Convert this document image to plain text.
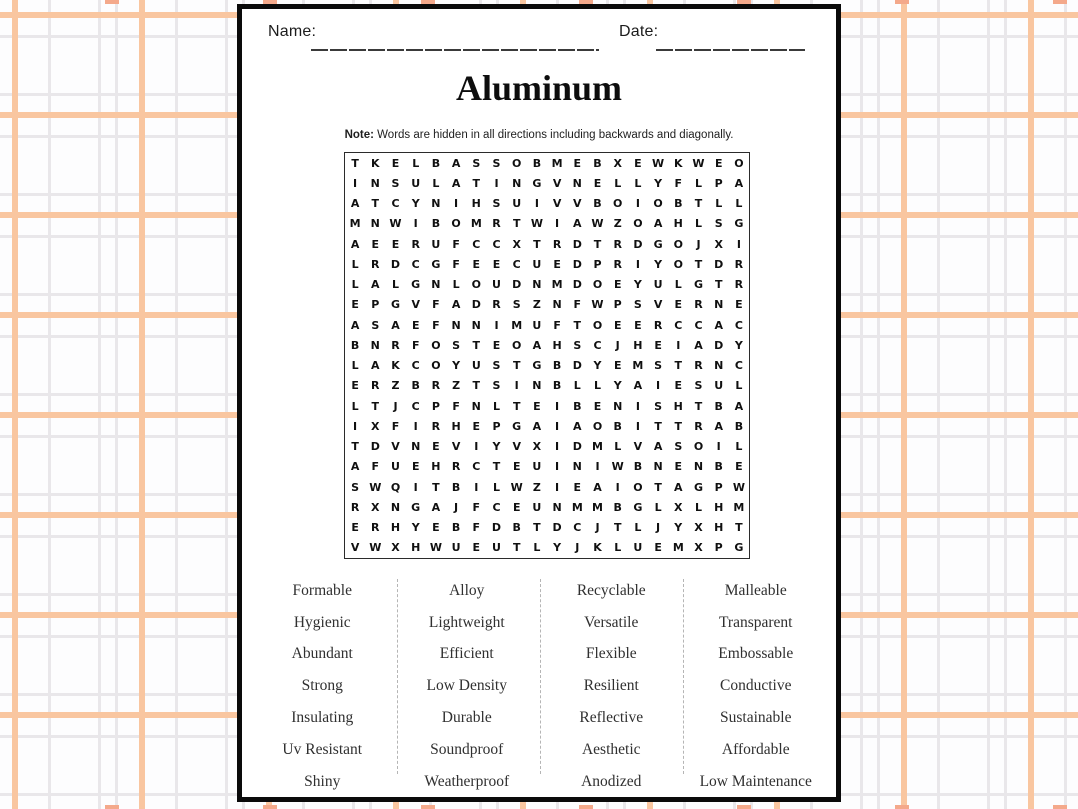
Name:	Date:
Aluminum

Note: Words are hidden in all directions including backwards and diagonally.

T	K	E	L	B	A	S	S	O	B M E	B	X	E W K W E	O
I	N	S	U	L	A	T	I	N	G	V	N	E	L	L	Y	F	L	P	A
A	T	C	Y	N	I	H	S	U	I	V	V	B	O	I	O	B	T	L	L
M N W	I	B	O M R	T W	I	A W Z	O	A	H	L	S	G
A	E	E	R	U	F	C	C	X	T	R	D	T	R	D	G	O	J	X	I
L	R	D	C	G	F	E	E	C	U	E	D	P	R	I	Y	O	T	D	R
L	A	L	G	N	L	O	U	D	N M D O	E	Y	U	L	G	T	R
E	P	G	V	F	A	D	R	S	Z	N	F W P	S	V	E	R	N	E
A	S	A	E	F	N N	I	M U	F	T	O	E	E	R	C	C	A	C
B	N	R	F	O	S	T	E	O	A	H	S	C	J	H	E	I	A	D	Y
L	A	K	C	O	Y	U	S	T	G	B	D	Y	E M S	T	R	N	C
E	R	Z	B	R	Z	T	S	I	N	B	L	L	Y	A	I	E	S	U	L
L	T	J	C	P	F	N	L	T	E	I	B	E	N	I	S	H	T	B	A
I	X	F	I	R	H	E	P	G	A	I	A	O	B	I	T	T	R	A	B
T	D	V	N	E	V	I	Y	V	X	I	D M	L	V	A	S	O	I	L
A	F	U	E	H	R	C	T	E	U	I	N	I	W B	N	E	N	B	E
S W Q	I	T	B	I	L W Z	I	E	A	I	O	T	A	G	P W
R	X	N	G	A	J	F	C	E	U	N M M B	G	L	X	L	H M
E	R	H	Y	E	B	F	D	B	T	D	C	J	T	L	J	Y	X	H	T
V W X	H W U	E	U	T	L	Y	J	K	L	U	E M X	P	G
Formable	Alloy	Recyclable	Malleable
Hygienic	Lightweight	Versatile	Transparent
Abundant	Efficient	Flexible	Embossable
Strong	Low Density	Resilient	Conductive
Insulating	Durable	Reflective	Sustainable
Uv Resistant	Soundproof	Aesthetic	Affordable
Shiny	Weatherproof	Anodized	Low Maintenance
